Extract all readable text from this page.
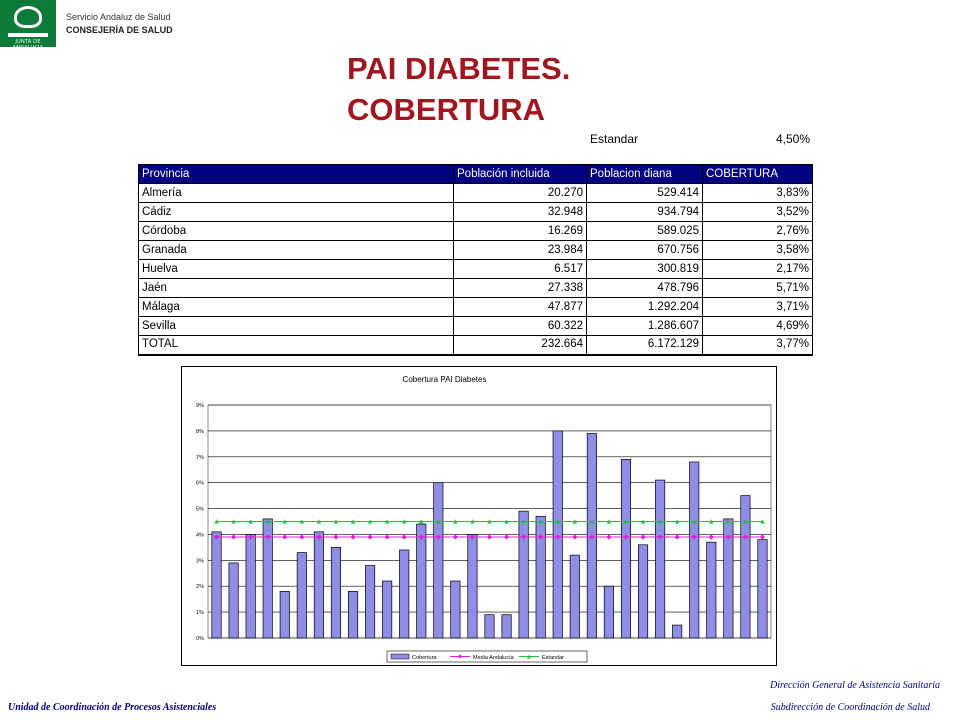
JUNTA DE ANDALUCIA
Servicio Andaluz de Salud
CONSEJERÍA DE SALUD
PAI DIABETES.
COBERTURA
Estandar	4,50%
Provincia	Población incluida	Poblacion diana	COBERTURA
Almería	20.270	529.414	3,83%
Cádiz	32.948	934.794	3,52%
Córdoba	16.269	589.025	2,76%
Granada	23.984	670.756	3,58%
Huelva	6.517	300.819	2,17%
Jaén	27.338	478.796	5,71%
Málaga	47.877	1.292.204	3,71%
Sevilla	60.322	1.286.607	4,69%
TOTAL	232.664	6.172.129	3,77%
Cobertura PAI Diabetes
0%
1%
2%
3%
4%
5%
6%
7%
8%
9%
Cobertura	Media Andalucía	Estandar
Unidad de Coordinación de Procesos Asistenciales
Dirección General de Asistencia Sanitaria
Subdirección de Coordinación de Salud
